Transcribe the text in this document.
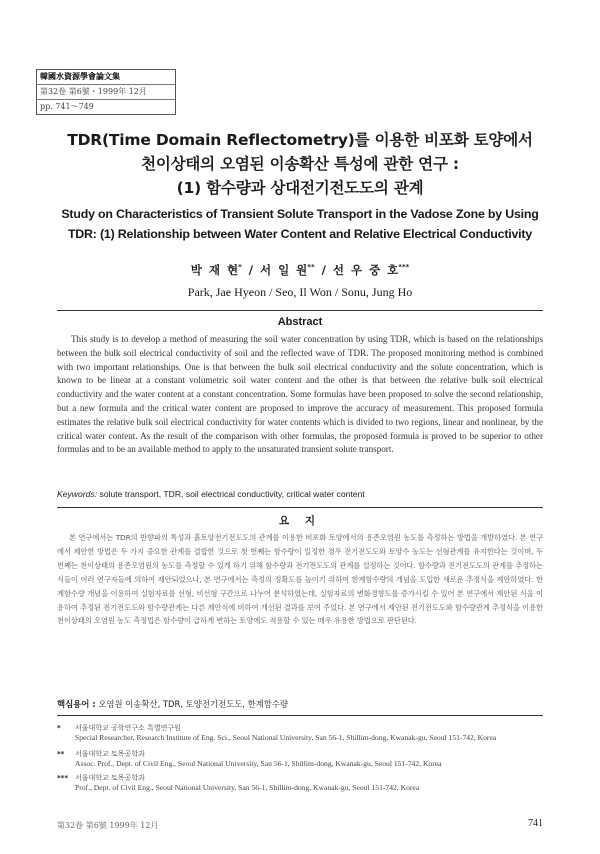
韓國水資源學會論文集
第32卷 第6號・1999年 12月
pp. 741～749
TDR(Time Domain Reflectometry)를 이용한 비포화 토양에서
천이상태의 오염된 이송확산 특성에 관한 연구 :
(1) 함수량과 상대전기전도도의 관계
Study on Characteristics of Transient Solute Transport in the Vadose Zone by Using
TDR: (1) Relationship between Water Content and Relative Electrical Conductivity
박 재 현* / 서 일 원** / 선 우 중 호***
Park, Jae Hyeon / Seo, Il Won / Sonu, Jung Ho
Abstract
This study is to develop a method of measuring the soil water concentration by using TDR, which is based on the relationships between the bulk soil electrical conductivity of soil and the reflected wave of TDR. The proposed monitoring method is combined with two important relationships. One is that between the bulk soil electrical conductivity and the solute concentration, which is known to be linear at a constant volumetric soil water content and the other is that between the relative bulk soil electrical conductivity and the water content at a constant concentration. Some formulas have been proposed to solve the second relationship, but a new formula and the critical water content are proposed to improve the accuracy of measurement. This proposed formula estimates the relative bulk soil electrical conductivity for water contents which is divided to two regions, linear and nonlinear, by the critical water content. As the result of the comparison with other formulas, the proposed formula is proved to be superior to other formulas and to be an available method to apply to the unsaturated transient solute transport.
Keywords: solute transport, TDR, soil electrical conductivity, critical water content
요 지
본 연구에서는 TDR의 반향파의 특성과 흙토양전기전도도의 관계를 이용한 비포화 토양에서의 용존오염원 농도를 측정하는 방법을 개발하였다. 본 연구에서 제안한 방법은 두 가지 중요한 관계를 결합한 것으로 첫 번째는 함수량이 일정한 경우 전기전도도와 토양수 농도는 선형관계를 유지한다는 것이며, 두 번째는 천이상태의 용존오염원의 농도를 측정할 수 있게 하기 위해 함수량과 전기전도도의 관계를 설정하는 것이다. 함수량과 전기전도도의 관계를 추정하는 식들이 여러 연구자들에 의하여 제안되었으나, 본 연구에서는 측정의 정확도를 높이기 위하여 한계함수량의 개념을 도입한 새로운 추정식을 제안하였다. 한계함수량 개념을 이용하여 실험자료를 선형, 비선형 구간으로 나누어 분석하였는데, 실험자료의 변화경향도를 증가시킬 수 있어 본 연구에서 제안된 식을 이용하여 추정된 전기전도도와 함수량관계는 다른 제안식에 비하여 개선된 결과를 보여 주었다. 본 연구에서 제안된 전기전도도와 함수량관계 추정식을 이용한 천이상태의 오염원 농도 측정법은 함수량이 급하게 변하는 토양에도 적용할 수 있는 매우 유용한 방법으로 판단된다.
핵심용어 : 오염원 이송확산, TDR, 토양전기전도도, 한계함수량
* 서울대학교 공학연구소 특별연구원
Special Researcher, Research Institute of Eng. Sci., Seoul National University, San 56-1, Shillim-dong, Kwanak-gu, Seoul 151-742, Korea
** 서울대학교 토목공학과
Assoc. Prof., Dept. of Civil Eng., Seoul National University, San 56-1, Shillim-dong, Kwanak-gu, Seoul 151-742, Korea
*** 서울대학교 토목공학과
Prof., Dept. of Civil Eng., Seoul National University, San 56-1, Shillim-dong, Kwanak-gu, Seoul 151-742, Korea
第32卷 第6號 1999年 12月	741
